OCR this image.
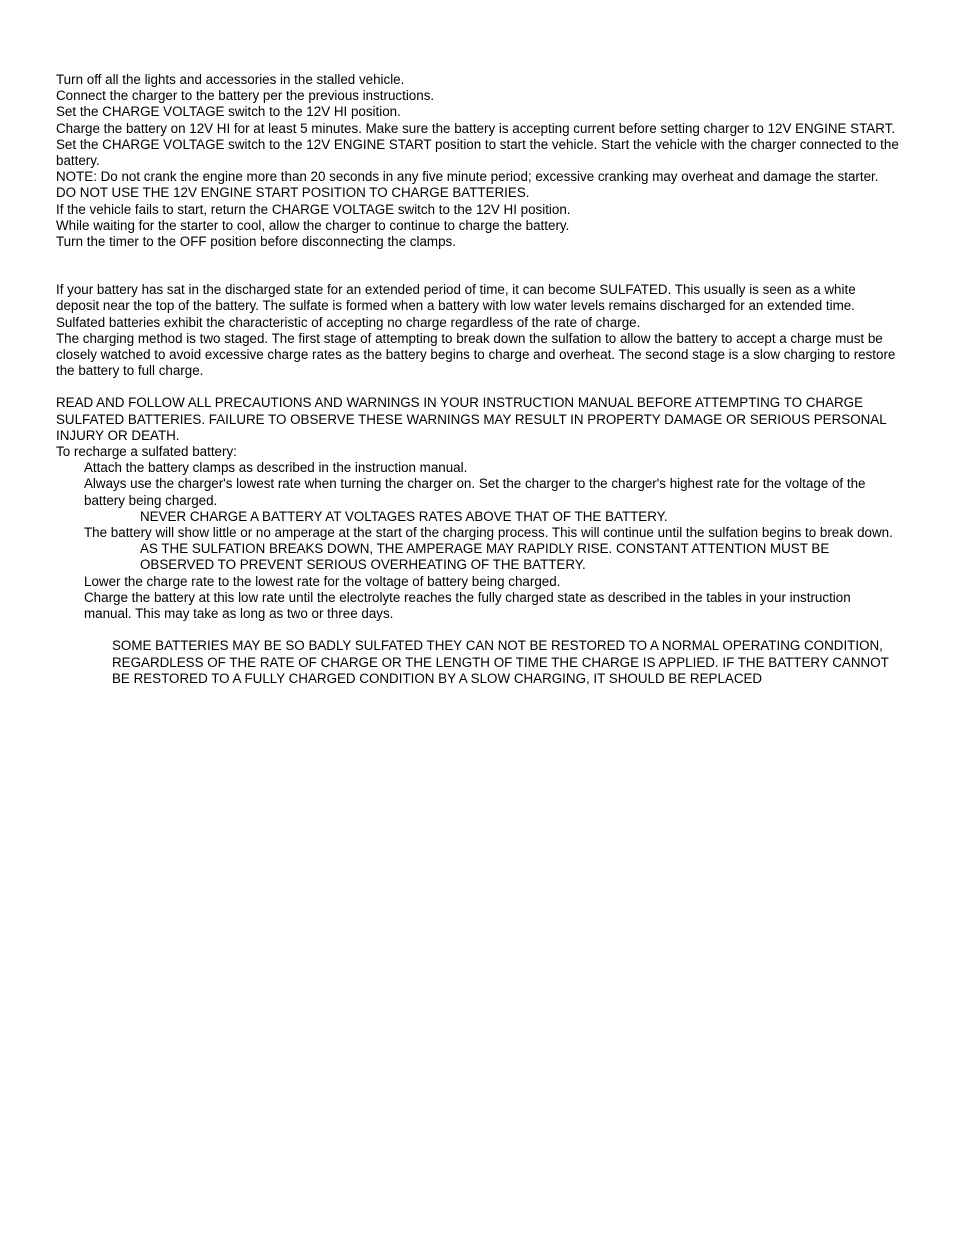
Turn off all the lights and accessories in the stalled vehicle.

Connect the charger to the battery per the previous instructions.

Set the CHARGE VOLTAGE switch to the 12V HI position.

Charge the battery on 12V HI for at least 5 minutes. Make sure the battery is accepting current before setting charger to 12V ENGINE START. Set the CHARGE VOLTAGE switch to the 12V ENGINE START position to start the vehicle. Start the vehicle with the charger connected to the battery.

NOTE: Do not crank the engine more than 20 seconds in any five minute period; excessive cranking may overheat and damage the starter.

DO NOT USE THE 12V ENGINE START POSITION TO CHARGE BATTERIES.

If the vehicle fails to start, return the CHARGE VOLTAGE switch to the 12V HI position.

While waiting for the starter to cool, allow the charger to continue to charge the battery.

Turn the timer to the OFF position before disconnecting the clamps.

If your battery has sat in the discharged state for an extended period of time, it can become SULFATED. This usually is seen as a white deposit near the top of the battery. The sulfate is formed when a battery with low water levels remains discharged for an extended time. Sulfated batteries exhibit the characteristic of accepting no charge regardless of the rate of charge.

The charging method is two staged. The first stage of attempting to break down the sulfation to allow the battery to accept a charge must be closely watched to avoid excessive charge rates as the battery begins to charge and overheat. The second stage is a slow charging to restore the battery to full charge.

READ AND FOLLOW ALL PRECAUTIONS AND WARNINGS IN YOUR INSTRUCTION MANUAL BEFORE ATTEMPTING TO CHARGE SULFATED BATTERIES. FAILURE TO OBSERVE THESE WARNINGS MAY RESULT IN PROPERTY DAMAGE OR SERIOUS PERSONAL INJURY OR DEATH.

To recharge a sulfated battery:

Attach the battery clamps as described in the instruction manual.

Always use the charger's lowest rate when turning the charger on. Set the charger to the charger's highest rate for the voltage of the battery being charged.

NEVER CHARGE A BATTERY AT VOLTAGES RATES ABOVE THAT OF THE BATTERY.

The battery will show little or no amperage at the start of the charging process. This will continue until the sulfation begins to break down.

AS THE SULFATION BREAKS DOWN, THE AMPERAGE MAY RAPIDLY RISE. CONSTANT ATTENTION MUST BE OBSERVED TO PREVENT SERIOUS OVERHEATING OF THE BATTERY.

Lower the charge rate to the lowest rate for the voltage of battery being charged.

Charge the battery at this low rate until the electrolyte reaches the fully charged state as described in the tables in your instruction manual. This may take as long as two or three days.

SOME BATTERIES MAY BE SO BADLY SULFATED THEY CAN NOT BE RESTORED TO A NORMAL OPERATING CONDITION, REGARDLESS OF THE RATE OF CHARGE OR THE LENGTH OF TIME THE CHARGE IS APPLIED. IF THE BATTERY CANNOT BE RESTORED TO A FULLY CHARGED CONDITION BY A SLOW CHARGING, IT SHOULD BE REPLACED
